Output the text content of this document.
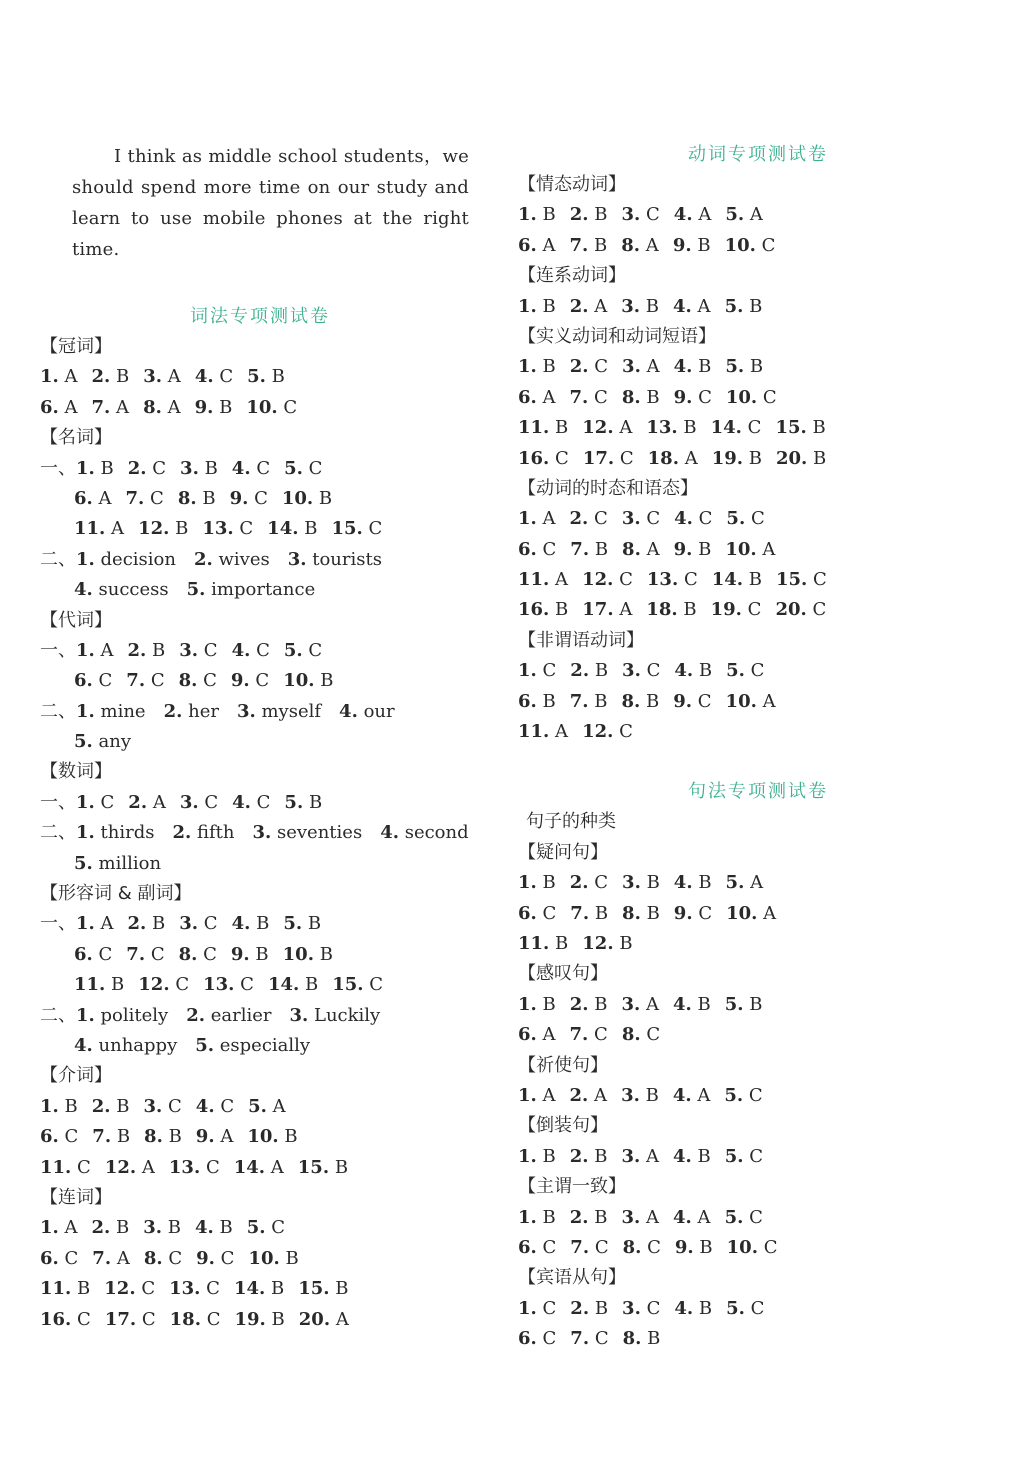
I think as middle school students，we should spend more time on our study and learn to use mobile phones at the right time.

词法专项测试卷
【冠词】
1. A 2. B 3. A 4. C 5. B
6. A 7. A 8. A 9. B 10. C
【名词】
一、1. B 2. C 3. B 4. C 5. C
6. A 7. C 8. B 9. C 10. B
11. A 12. B 13. C 14. B 15. C
二、1. decision 2. wives 3. tourists
4. success 5. importance
【代词】
一、1. A 2. B 3. C 4. C 5. C
6. C 7. C 8. C 9. C 10. B
二、1. mine 2. her 3. myself 4. our
5. any
【数词】
一、1. C 2. A 3. C 4. C 5. B
二、1. thirds 2. fifth 3. seventies 4. second
5. million
【形容词 & 副词】
一、1. A 2. B 3. C 4. B 5. B
6. C 7. C 8. C 9. B 10. B
11. B 12. C 13. C 14. B 15. C
二、1. politely 2. earlier 3. Luckily
4. unhappy 5. especially
【介词】
1. B 2. B 3. C 4. C 5. A
6. C 7. B 8. B 9. A 10. B
11. C 12. A 13. C 14. A 15. B
【连词】
1. A 2. B 3. B 4. B 5. C
6. C 7. A 8. C 9. C 10. B
11. B 12. C 13. C 14. B 15. B
16. C 17. C 18. C 19. B 20. A
动词专项测试卷
【情态动词】
1. B 2. B 3. C 4. A 5. A
6. A 7. B 8. A 9. B 10. C
【连系动词】
1. B 2. A 3. B 4. A 5. B
【实义动词和动词短语】
1. B 2. C 3. A 4. B 5. B
6. A 7. C 8. B 9. C 10. C
11. B 12. A 13. B 14. C 15. B
16. C 17. C 18. A 19. B 20. B
【动词的时态和语态】
1. A 2. C 3. C 4. C 5. C
6. C 7. B 8. A 9. B 10. A
11. A 12. C 13. C 14. B 15. C
16. B 17. A 18. B 19. C 20. C
【非谓语动词】
1. C 2. B 3. C 4. B 5. C
6. B 7. B 8. B 9. C 10. A
11. A 12. C
句法专项测试卷
句子的种类
【疑问句】
1. B 2. C 3. B 4. B 5. A
6. C 7. B 8. B 9. C 10. A
11. B 12. B
【感叹句】
1. B 2. B 3. A 4. B 5. B
6. A 7. C 8. C
【祈使句】
1. A 2. A 3. B 4. A 5. C
【倒装句】
1. B 2. B 3. A 4. B 5. C
【主谓一致】
1. B 2. B 3. A 4. A 5. C
6. C 7. C 8. C 9. B 10. C
【宾语从句】
1. C 2. B 3. C 4. B 5. C
6. C 7. C 8. B
